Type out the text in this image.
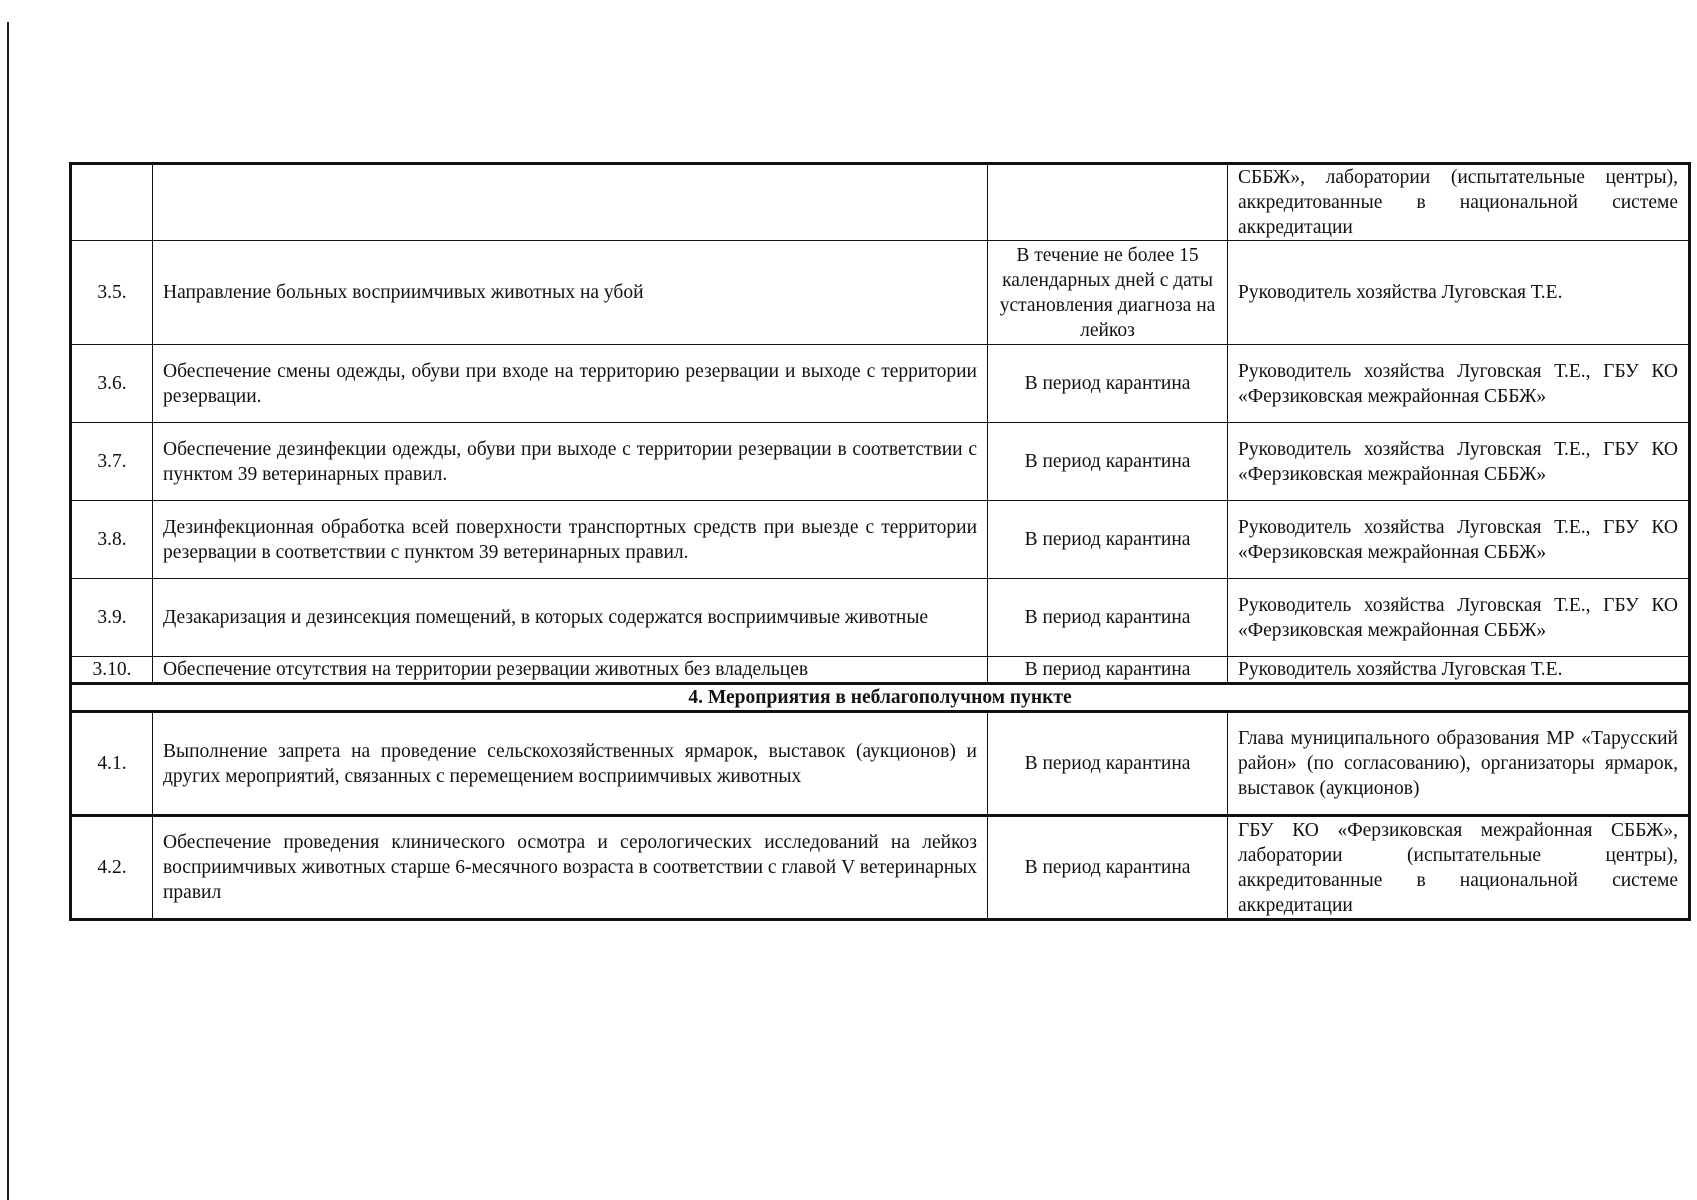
			СББЖ», лаборатории (испытательные центры), аккредитованные в национальной системе аккредитации
3.5.	Направление больных восприимчивых животных на убой	В течение не более 15 календарных дней с даты установления диагноза на лейкоз	Руководитель хозяйства Луговская Т.Е.
3.6.	Обеспечение смены одежды, обуви при входе на территорию резервации и выходе с территории резервации.	В период карантина	Руководитель хозяйства Луговская Т.Е., ГБУ КО «Ферзиковская межрайонная СББЖ»
3.7.	Обеспечение дезинфекции одежды, обуви при выходе с территории резервации в соответствии с пунктом 39 ветеринарных правил.	В период карантина	Руководитель хозяйства Луговская Т.Е., ГБУ КО «Ферзиковская межрайонная СББЖ»
3.8.	Дезинфекционная обработка всей поверхности транспортных средств при выезде с территории резервации в соответствии с пунктом 39 ветеринарных правил.	В период карантина	Руководитель хозяйства Луговская Т.Е., ГБУ КО «Ферзиковская межрайонная СББЖ»
3.9.	Дезакаризация и дезинсекция помещений, в которых содержатся восприимчивые животные	В период карантина	Руководитель хозяйства Луговская Т.Е., ГБУ КО «Ферзиковская межрайонная СББЖ»
3.10.	Обеспечение отсутствия на территории резервации животных без владельцев	В период карантина	Руководитель хозяйства Луговская Т.Е.
4. Мероприятия в неблагополучном пункте			
4.1.	Выполнение запрета на проведение сельскохозяйственных ярмарок, выставок (аукционов) и других мероприятий, связанных с перемещением восприимчивых животных	В период карантина	Глава муниципального образования МР «Тарусский район» (по согласованию), организаторы ярмарок, выставок (аукционов)
4.2.	Обеспечение проведения клинического осмотра и серологических исследований на лейкоз восприимчивых животных старше 6-месячного возраста в соответствии с главой V ветеринарных правил	В период карантина	ГБУ КО «Ферзиковская межрайонная СББЖ», лаборатории (испытательные центры), аккредитованные в национальной системе аккредитации
